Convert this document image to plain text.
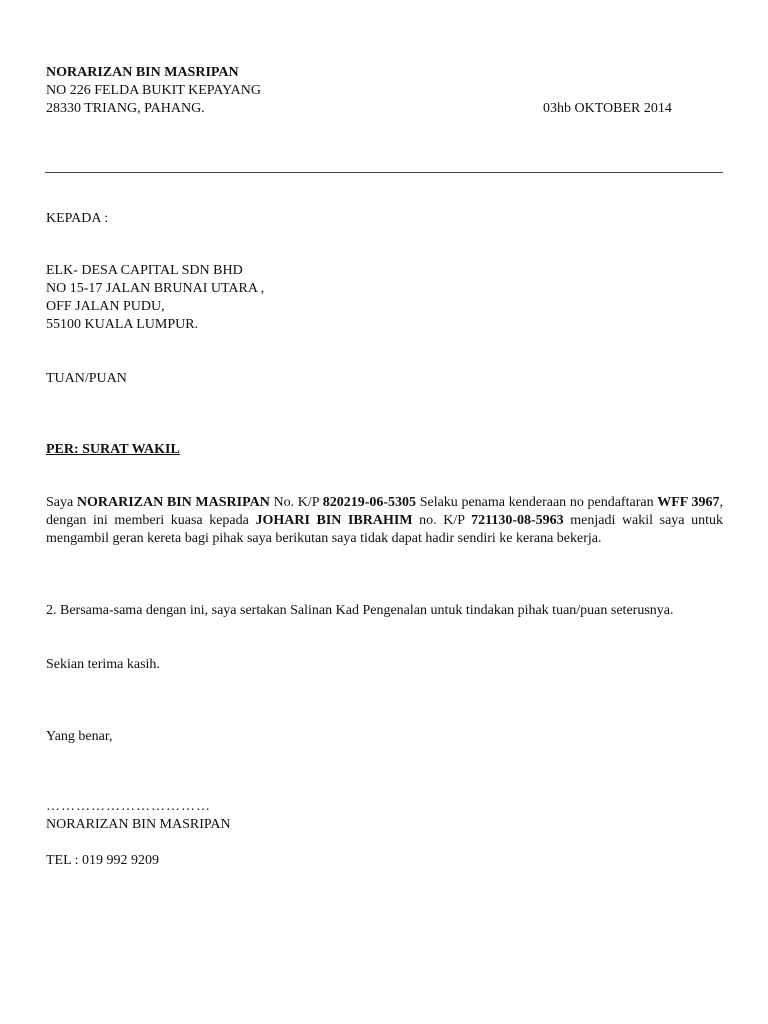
NORARIZAN BIN MASRIPAN
NO 226 FELDA BUKIT KEPAYANG
28330 TRIANG, PAHANG.	03hb OKTOBER 2014
KEPADA :
ELK- DESA CAPITAL SDN BHD
NO 15-17 JALAN BRUNAI UTARA ,
OFF JALAN PUDU,
55100 KUALA LUMPUR.
TUAN/PUAN
PER: SURAT WAKIL
Saya NORARIZAN BIN MASRIPAN No. K/P 820219-06-5305 Selaku penama kenderaan no pendaftaran WFF 3967, dengan ini memberi kuasa kepada JOHARI BIN IBRAHIM no. K/P 721130-08-5963 menjadi wakil saya untuk mengambil geran kereta bagi pihak saya berikutan saya tidak dapat hadir sendiri ke kerana bekerja.
2. Bersama-sama dengan ini, saya sertakan Salinan Kad Pengenalan untuk tindakan pihak tuan/puan seterusnya.
Sekian terima kasih.
Yang benar,
……………………………
NORARIZAN BIN MASRIPAN
TEL : 019 992 9209
